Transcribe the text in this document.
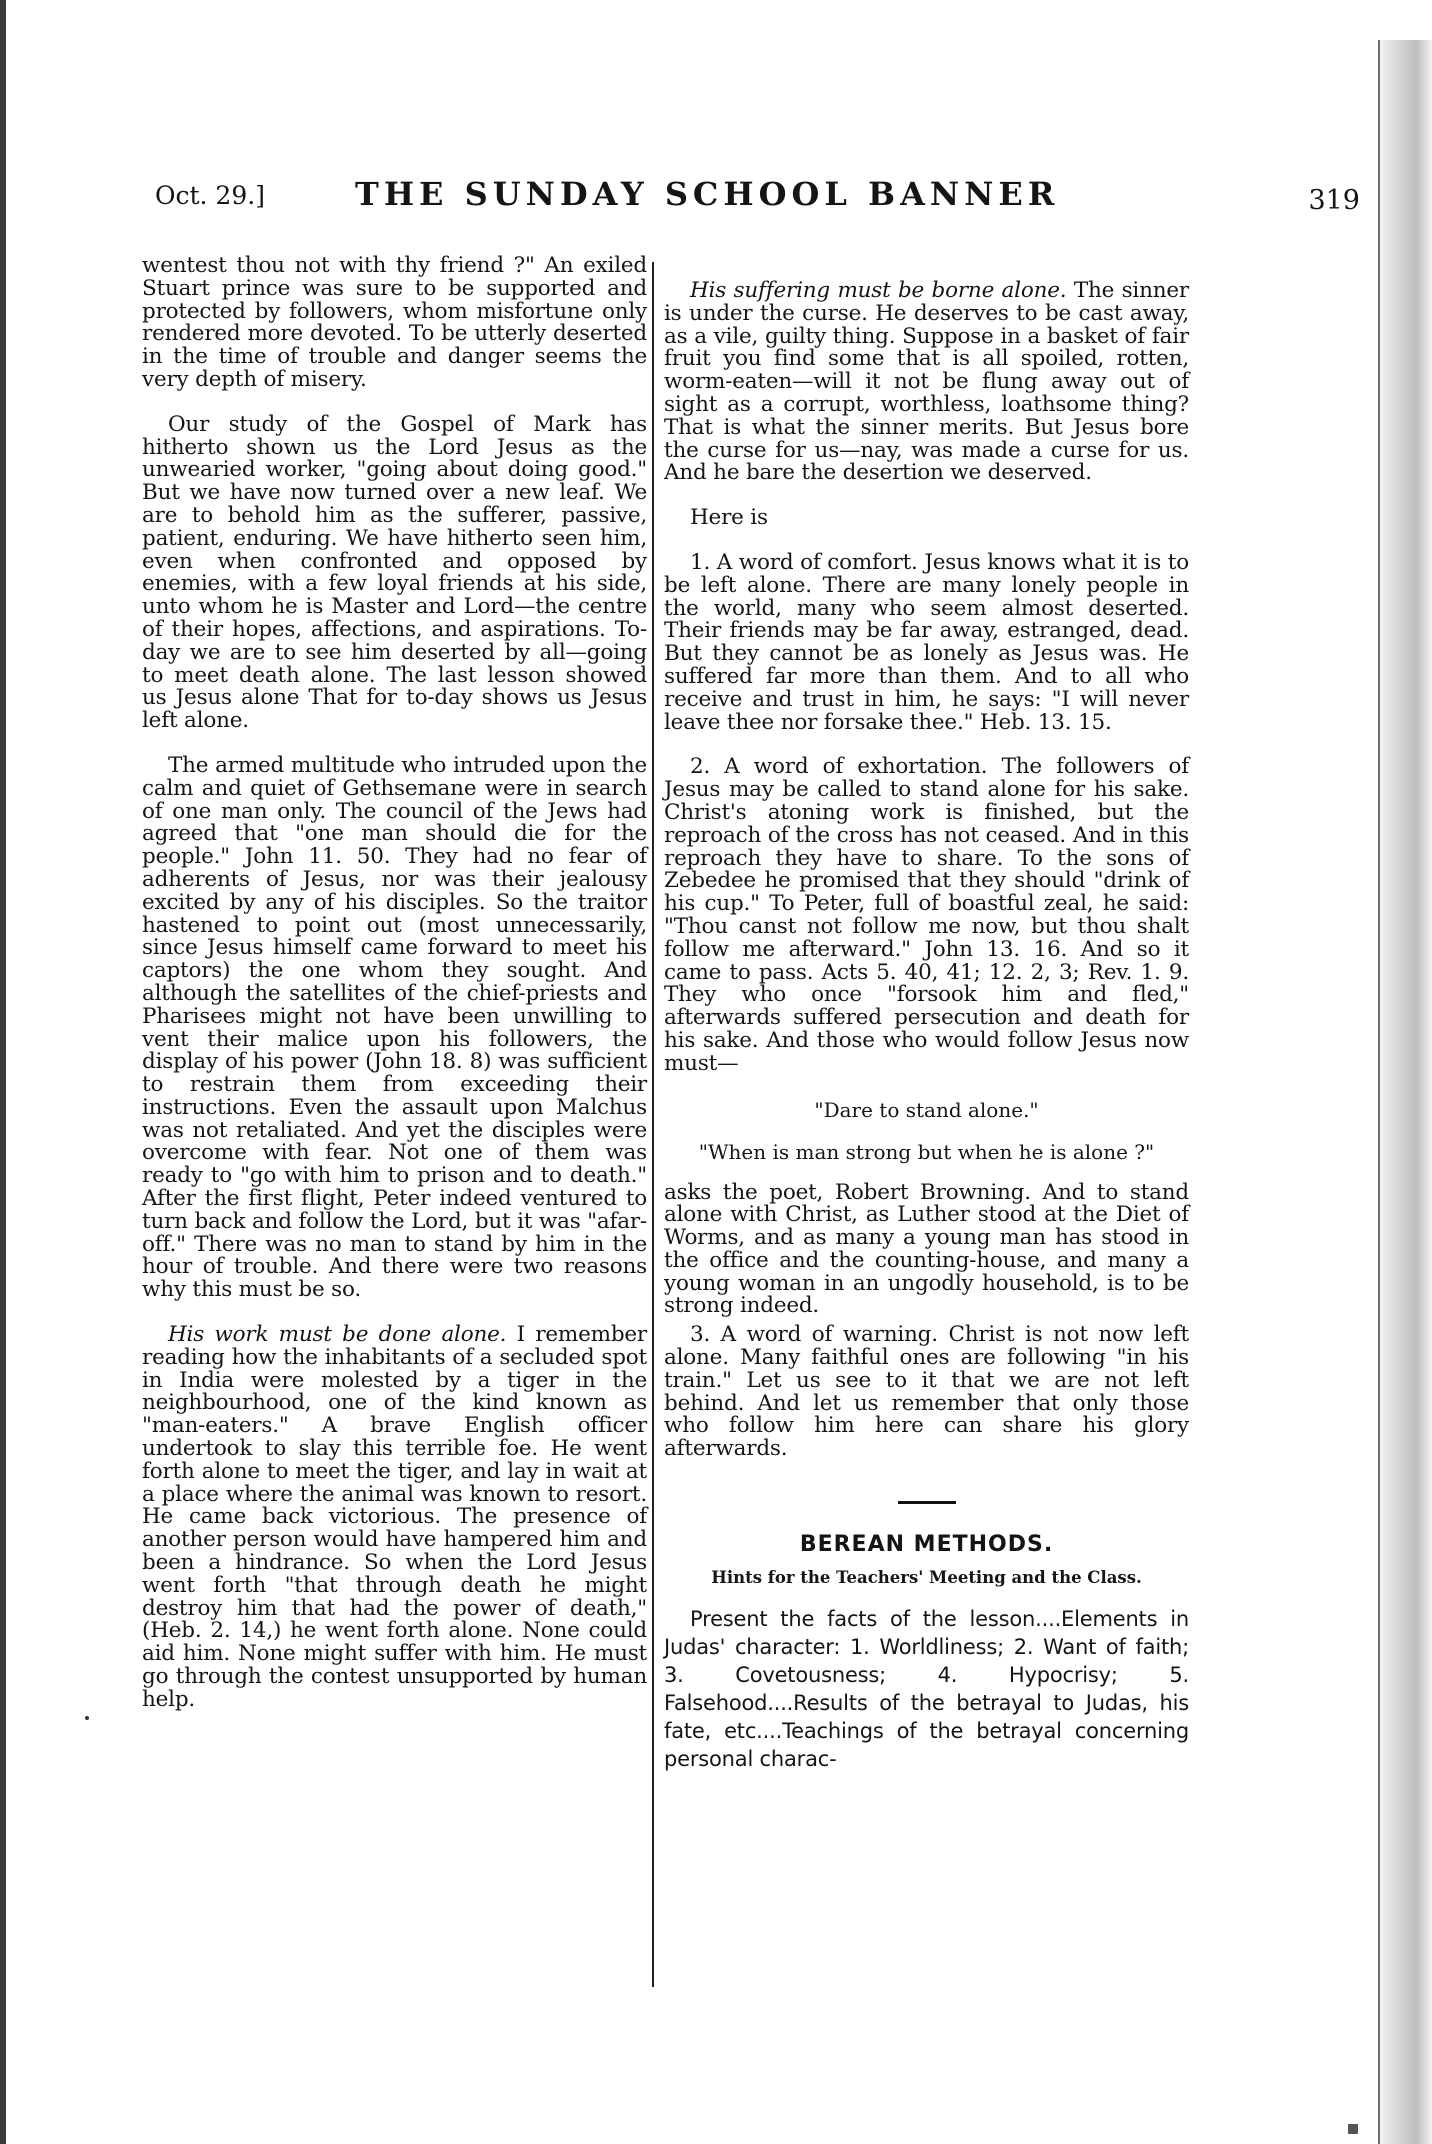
Oct. 29.]	THE SUNDAY SCHOOL BANNER	319

wentest thou not with thy friend ?" An exiled Stuart prince was sure to be supported and protected by followers, whom misfortune only rendered more devoted. To be utterly deserted in the time of trouble and danger seems the very depth of misery.

Our study of the Gospel of Mark has hitherto shown us the Lord Jesus as the unwearied worker, "going about doing good." But we have now turned over a new leaf. We are to behold him as the sufferer, passive, patient, enduring. We have hitherto seen him, even when confronted and opposed by enemies, with a few loyal friends at his side, unto whom he is Master and Lord—the centre of their hopes, affections, and aspirations. To-day we are to see him deserted by all—going to meet death alone. The last lesson showed us Jesus alone That for to-day shows us Jesus left alone.

The armed multitude who intruded upon the calm and quiet of Gethsemane were in search of one man only. The council of the Jews had agreed that "one man should die for the people." John 11. 50. They had no fear of adherents of Jesus, nor was their jealousy excited by any of his disciples. So the traitor hastened to point out (most unnecessarily, since Jesus himself came forward to meet his captors) the one whom they sought. And although the satellites of the chief-priests and Pharisees might not have been unwilling to vent their malice upon his followers, the display of his power (John 18. 8) was sufficient to restrain them from exceeding their instructions. Even the assault upon Malchus was not retaliated. And yet the disciples were overcome with fear. Not one of them was ready to "go with him to prison and to death." After the first flight, Peter indeed ventured to turn back and follow the Lord, but it was "afar-off." There was no man to stand by him in the hour of trouble. And there were two reasons why this must be so.

His work must be done alone. I remember reading how the inhabitants of a secluded spot in India were molested by a tiger in the neighbourhood, one of the kind known as "man-eaters." A brave English officer undertook to slay this terrible foe. He went forth alone to meet the tiger, and lay in wait at a place where the animal was known to resort. He came back victorious. The presence of another person would have hampered him and been a hindrance. So when the Lord Jesus went forth "that through death he might destroy him that had the power of death," (Heb. 2. 14,) he went forth alone. None could aid him. None might suffer with him. He must go through the contest unsupported by human help.

His suffering must be borne alone. The sinner is under the curse. He deserves to be cast away, as a vile, guilty thing. Suppose in a basket of fair fruit you find some that is all spoiled, rotten, worm-eaten—will it not be flung away out of sight as a corrupt, worthless, loathsome thing? That is what the sinner merits. But Jesus bore the curse for us—nay, was made a curse for us. And he bare the desertion we deserved.

Here is

1. A word of comfort. Jesus knows what it is to be left alone. There are many lonely people in the world, many who seem almost deserted. Their friends may be far away, estranged, dead. But they cannot be as lonely as Jesus was. He suffered far more than them. And to all who receive and trust in him, he says: "I will never leave thee nor forsake thee." Heb. 13. 15.

2. A word of exhortation. The followers of Jesus may be called to stand alone for his sake. Christ's atoning work is finished, but the reproach of the cross has not ceased. And in this reproach they have to share. To the sons of Zebedee he promised that they should "drink of his cup." To Peter, full of boastful zeal, he said: "Thou canst not follow me now, but thou shalt follow me afterward." John 13. 16. And so it came to pass. Acts 5. 40, 41; 12. 2, 3; Rev. 1. 9. They who once "forsook him and fled," afterwards suffered persecution and death for his sake. And those who would follow Jesus now must—

"Dare to stand alone."
"When is man strong but when he is alone ?"

asks the poet, Robert Browning. And to stand alone with Christ, as Luther stood at the Diet of Worms, and as many a young man has stood in the office and the counting-house, and many a young woman in an ungodly household, is to be strong indeed.

3. A word of warning. Christ is not now left alone. Many faithful ones are following "in his train." Let us see to it that we are not left behind. And let us remember that only those who follow him here can share his glory afterwards.

BEREAN METHODS.
Hints for the Teachers' Meeting and the Class.

Present the facts of the lesson....Elements in Judas' character: 1. Worldliness; 2. Want of faith; 3. Covetousness; 4. Hypocrisy; 5. Falsehood....Results of the betrayal to Judas, his fate, etc....Teachings of the betrayal concerning personal charac-
